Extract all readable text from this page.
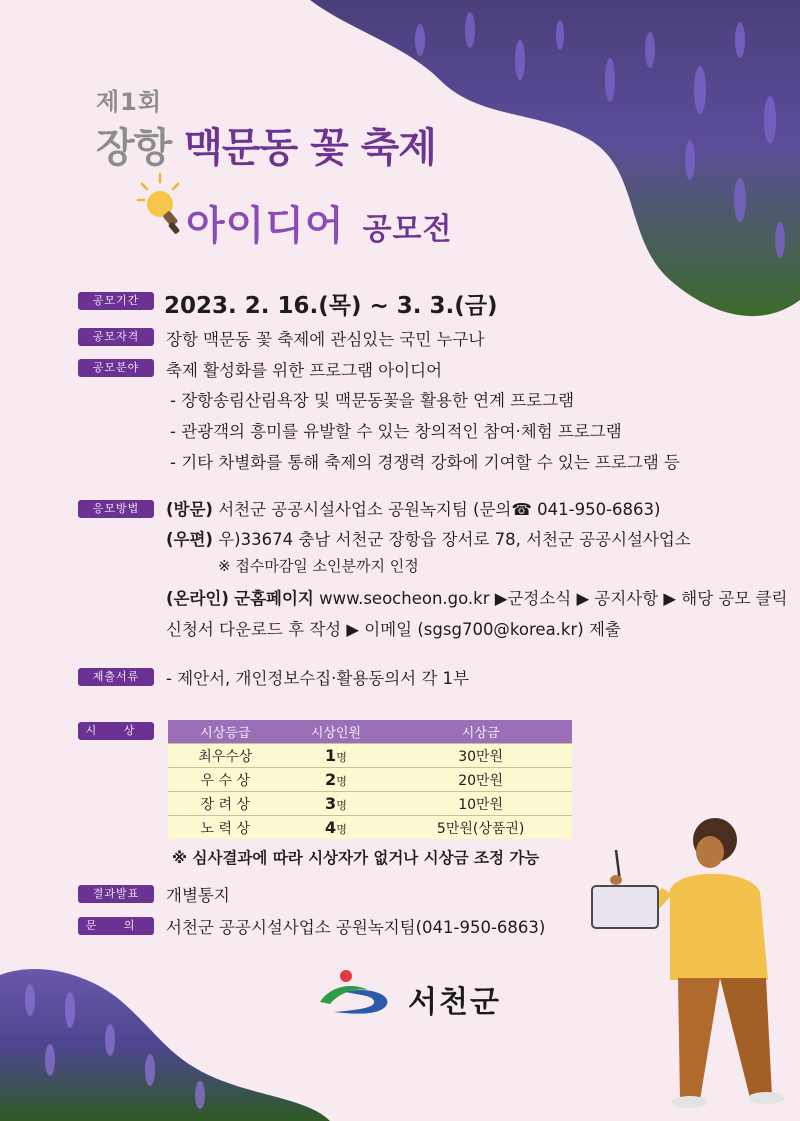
제1회
장항 맥문동 꽃 축제
아이디어 공모전
공모기간	2023. 2. 16.(목) ~ 3. 3.(금)
공모자격	장항 맥문동 꽃 축제에 관심있는 국민 누구나
공모분야	축제 활성화를 위한 프로그램 아이디어
- 장항송림산림욕장 및 맥문동꽃을 활용한 연계 프로그램
- 관광객의 흥미를 유발할 수 있는 창의적인 참여·체험 프로그램
- 기타 차별화를 통해 축제의 경쟁력 강화에 기여할 수 있는 프로그램 등
응모방법	(방문) 서천군 공공시설사업소 공원녹지팀 (문의☎ 041-950-6863)
(우편) 우)33674 충남 서천군 장항읍 장서로 78, 서천군 공공시설사업소
※ 접수마감일 소인분까지 인정
(온라인) 군홈페이지 www.seocheon.go.kr ▶군정소식 ▶ 공지사항 ▶ 해당 공모 클릭
신청서 다운로드 후 작성 ▶ 이메일 (sgsg700@korea.kr) 제출
제출서류	- 제안서, 개인정보수집·활용동의서 각 1부
시 상	시상등급	시상인원	시상금
최우수상	1명	30만원
우 수 상	2명	20만원
장 려 상	3명	10만원
노 력 상	4명	5만원(상품권)
※ 심사결과에 따라 시상자가 없거나 시상금 조정 가능
결과발표	개별통지
문 의	서천군 공공시설사업소 공원녹지팀(041-950-6863)
서천군
